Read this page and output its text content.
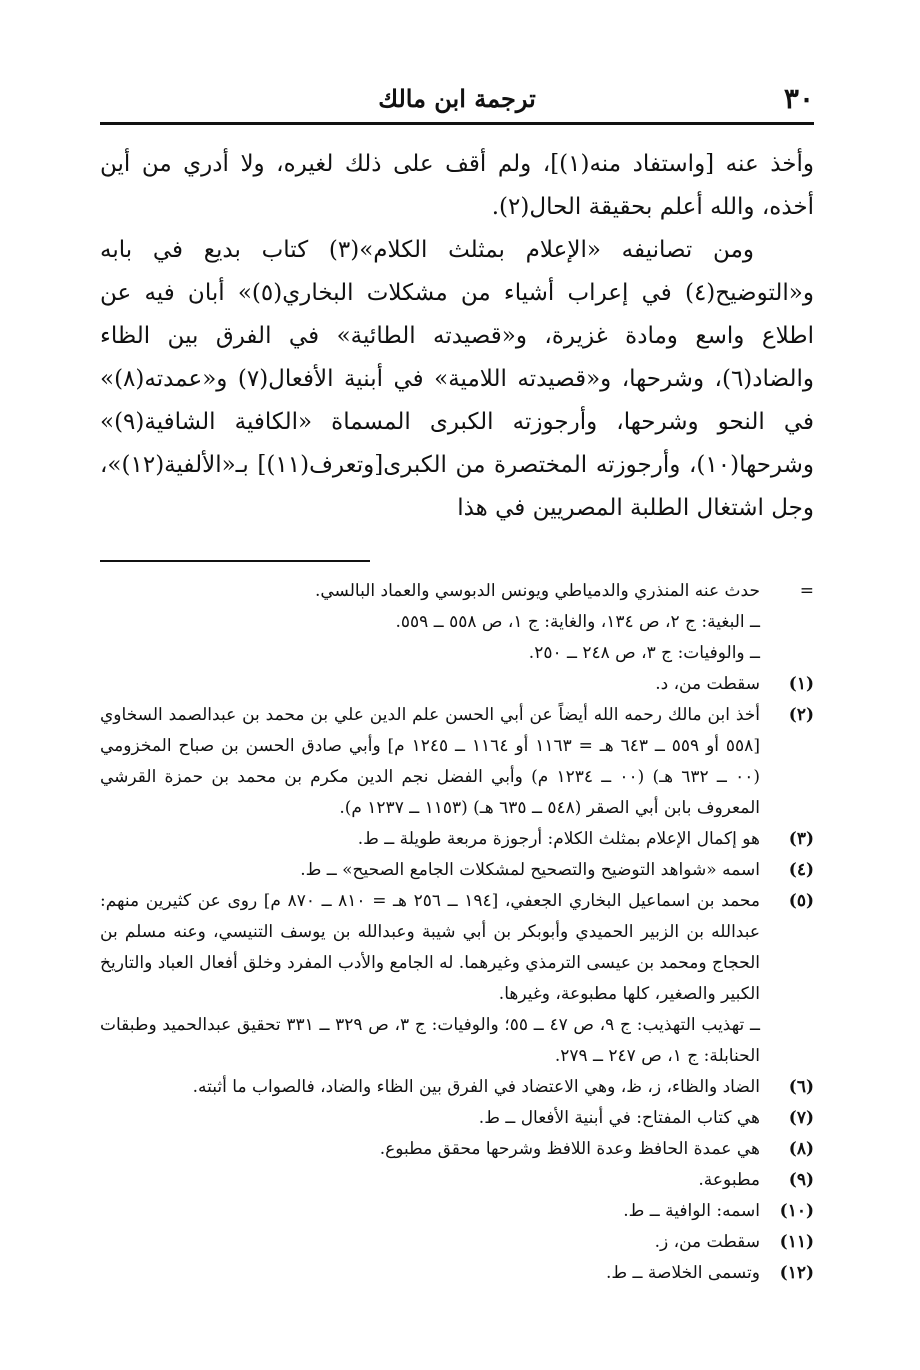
٣٠
ترجمة ابن مالك

وأخذ عنه [واستفاد منه(١)]، ولم أقف على ذلك لغيره، ولا أدري من أين أخذه، والله أعلم بحقيقة الحال(٢).

ومن تصانيفه «الإعلام بمثلث الكلام»(٣) كتاب بديع في بابه و«التوضيح(٤) في إعراب أشياء من مشكلات البخاري(٥)» أبان فيه عن اطلاع واسع ومادة غزيرة، و«قصيدته الطائية» في الفرق بين الظاء والضاد(٦)، وشرحها، و«قصيدته اللامية» في أبنية الأفعال(٧) و«عمدته(٨)» في النحو وشرحها، وأرجوزته الكبرى المسماة «الكافية الشافية(٩)» وشرحها(١٠)، وأرجوزته المختصرة من الكبرى[وتعرف(١١)] بـ«الألفية(١٢)»، وجل اشتغال الطلبة المصريين في هذا

=
حدث عنه المنذري والدمياطي ويونس الدبوسي والعماد البالسي.
ــ البغية: ج ٢، ص ١٣٤، والغاية: ج ١، ص ٥٥٨ ــ ٥٥٩.
ــ والوفيات: ج ٣، ص ٢٤٨ ــ ٢٥٠.
(١)
سقطت من، د.
(٢)
أخذ ابن مالك رحمه الله أيضاً عن أبي الحسن علم الدين علي بن محمد بن عبدالصمد السخاوي [٥٥٨ أو ٥٥٩ ــ ٦٤٣ هـ = ١١٦٣ أو ١١٦٤ ــ ١٢٤٥ م] وأبي صادق الحسن بن صباح المخزومي (٠٠ ــ ٦٣٢ هـ) (٠٠ ــ ١٢٣٤ م) وأبي الفضل نجم الدين مكرم بن محمد بن حمزة القرشي المعروف بابن أبي الصقر (٥٤٨ ــ ٦٣٥ هـ) (١١٥٣ ــ ١٢٣٧ م).
(٣)
هو إكمال الإعلام بمثلث الكلام: أرجوزة مربعة طويلة ــ ط.
(٤)
اسمه «شواهد التوضيح والتصحيح لمشكلات الجامع الصحيح» ــ ط.
(٥)
محمد بن اسماعيل البخاري الجعفي، [١٩٤ ــ ٢٥٦ هـ = ٨١٠ ــ ٨٧٠ م] روى عن كثيرين منهم: عبدالله بن الزبير الحميدي وأبوبكر بن أبي شيبة وعبدالله بن يوسف التنيسي، وعنه مسلم بن الحجاج ومحمد بن عيسى الترمذي وغيرهما. له الجامع والأدب المفرد وخلق أفعال العباد والتاريخ الكبير والصغير، كلها مطبوعة، وغيرها.
ــ تهذيب التهذيب: ج ٩، ص ٤٧ ــ ٥٥؛ والوفيات: ج ٣، ص ٣٢٩ ــ ٣٣١ تحقيق عبدالحميد وطبقات الحنابلة: ج ١، ص ٢٤٧ ــ ٢٧٩.
(٦)
الضاد والظاء، ز، ظ، وهي الاعتضاد في الفرق بين الظاء والضاد، فالصواب ما أثبته.
(٧)
هي كتاب المفتاح: في أبنية الأفعال ــ ط.
(٨)
هي عمدة الحافظ وعدة اللافظ وشرحها محقق مطبوع.
(٩)
مطبوعة.
(١٠)
اسمه: الوافية ــ ط.
(١١)
سقطت من، ز.
(١٢)
وتسمى الخلاصة ــ ط.
